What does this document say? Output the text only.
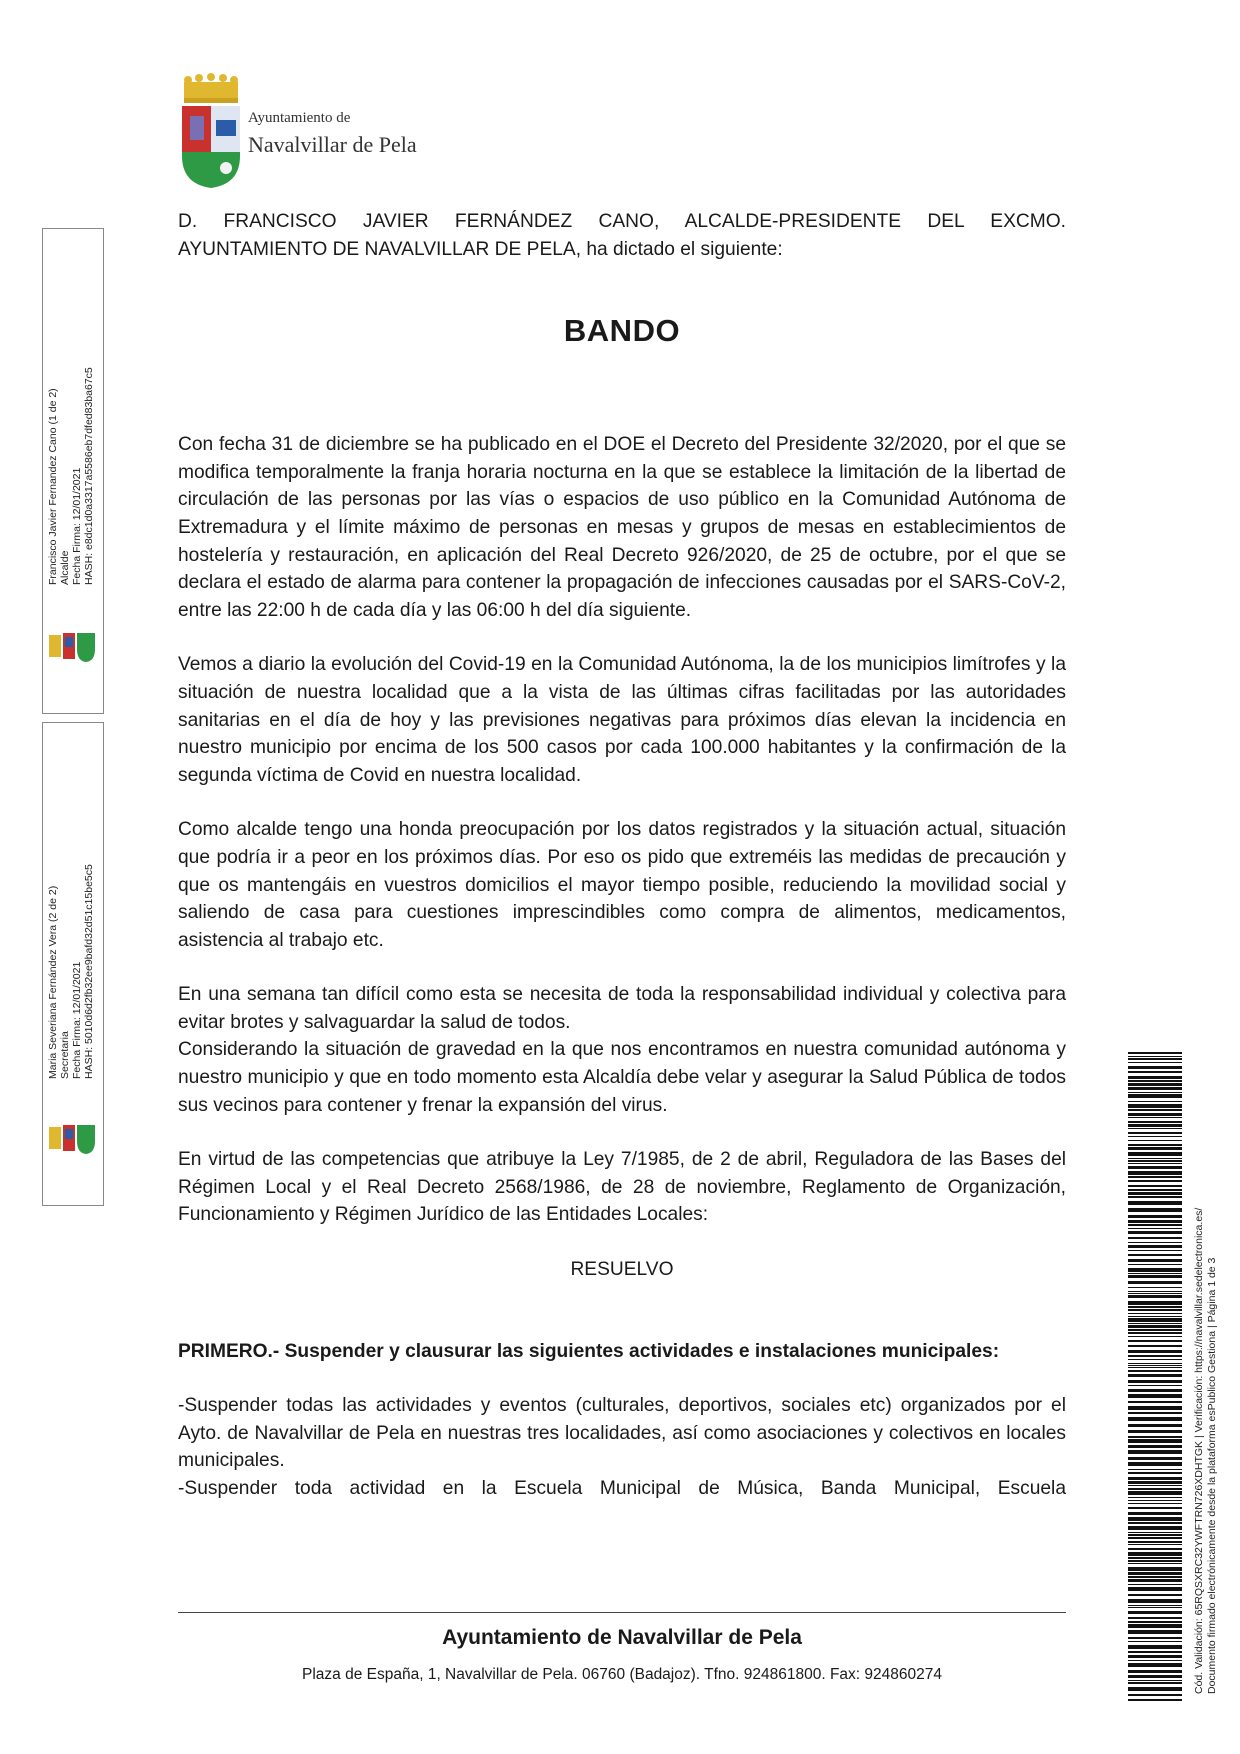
Ayuntamiento de
Navalvillar de Pela

D. FRANCISCO JAVIER FERNÁNDEZ CANO, ALCALDE-PRESIDENTE DEL EXCMO. AYUNTAMIENTO DE NAVALVILLAR DE PELA, ha dictado el siguiente:

BANDO

Con fecha 31 de diciembre se ha publicado en el DOE el Decreto del Presidente 32/2020, por el que se modifica temporalmente la franja horaria nocturna en la que se establece la limitación de la libertad de circulación de las personas por las vías o espacios de uso público en la Comunidad Autónoma de Extremadura y el límite máximo de personas en mesas y grupos de mesas en establecimientos de hostelería y restauración, en aplicación del Real Decreto 926/2020, de 25 de octubre, por el que se declara el estado de alarma para contener la propagación de infecciones causadas por el SARS-CoV-2, entre las 22:00 h de cada día y las 06:00 h del día siguiente.

Vemos a diario la evolución del Covid-19 en la Comunidad Autónoma, la de los municipios limítrofes y la situación de nuestra localidad que a la vista de las últimas cifras facilitadas por las autoridades sanitarias en el día de hoy y las previsiones negativas para próximos días elevan la incidencia en nuestro municipio por encima de los 500 casos por cada 100.000 habitantes y la confirmación de la segunda víctima de Covid en nuestra localidad.

Como alcalde tengo una honda preocupación por los datos registrados y la situación actual, situación que podría ir a peor en los próximos días. Por eso os pido que extreméis las medidas de precaución y que os mantengáis en vuestros domicilios el mayor tiempo posible, reduciendo la movilidad social y saliendo de casa para cuestiones imprescindibles como compra de alimentos, medicamentos, asistencia al trabajo etc.

En una semana tan difícil como esta se necesita de toda la responsabilidad individual y colectiva para evitar brotes y salvaguardar la salud de todos.

Considerando la situación de gravedad en la que nos encontramos en nuestra comunidad autónoma y nuestro municipio y que en todo momento esta Alcaldía debe velar y asegurar la Salud Pública de todos sus vecinos para contener y frenar la expansión del virus.

En virtud de las competencias que atribuye la Ley 7/1985, de 2 de abril, Reguladora de las Bases del Régimen Local y el Real Decreto 2568/1986, de 28 de noviembre, Reglamento de Organización, Funcionamiento y Régimen Jurídico de las Entidades Locales:

RESUELVO

PRIMERO.- Suspender y clausurar las siguientes actividades e instalaciones municipales:

-Suspender todas las actividades y eventos (culturales, deportivos, sociales etc) organizados por el Ayto. de Navalvillar de Pela en nuestras tres localidades, así como asociaciones y colectivos en locales municipales.

-Suspender toda actividad en la Escuela Municipal de Música, Banda Municipal, Escuela

Ayuntamiento de Navalvillar de Pela
Plaza de España, 1, Navalvillar de Pela. 06760 (Badajoz). Tfno. 924861800. Fax: 924860274
Francisco Javier Fernandez Cano (1 de 2) Alcalde Fecha Firma: 12/01/2021 HASH: e8dc1d0a3317a5586eb7dfed83ba67c5
Maria Severiana Fernández Vera (2 de 2) Secretaria Fecha Firma: 12/01/2021 HASH: 5010d6d2fb32ee9bafd32d51c15be5c5
Cód. Validación: 65RQSXRC32YWFTRN726XDHTGK | Verificación: https://navalvillar.sedelectronica.es/ Documento firmado electrónicamente desde la plataforma esPublico Gestiona | Página 1 de 3
